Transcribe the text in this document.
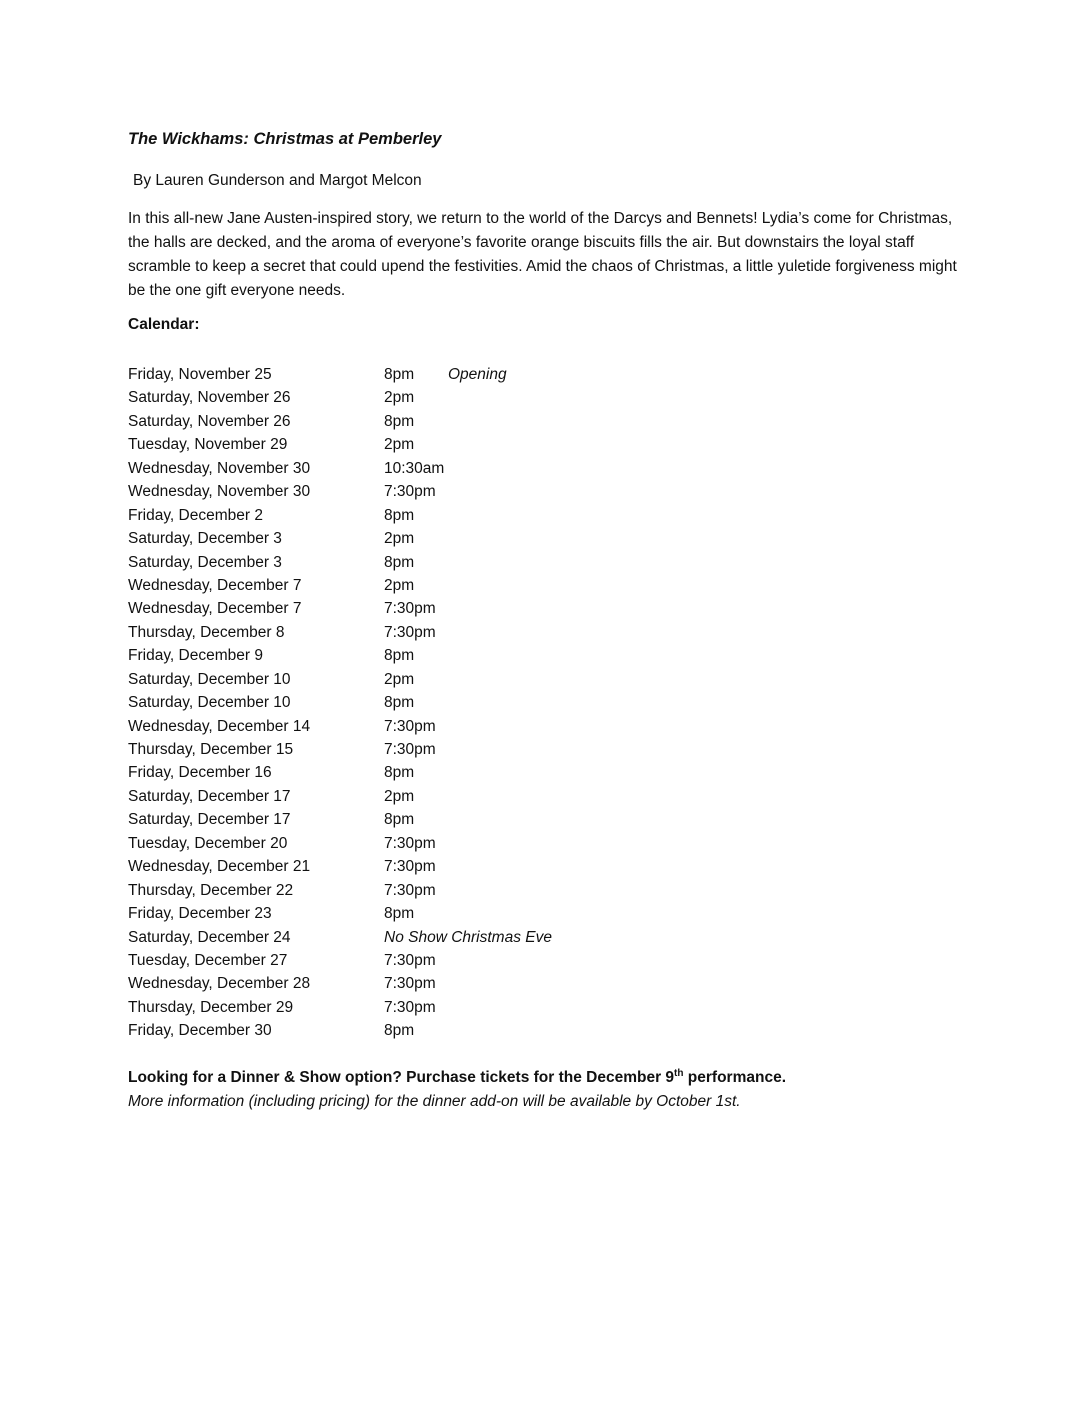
The Wickhams: Christmas at Pemberley
By Lauren Gunderson and Margot Melcon

In this all-new Jane Austen-inspired story, we return to the world of the Darcys and Bennets! Lydia’s come for Christmas, the halls are decked, and the aroma of everyone’s favorite orange biscuits fills the air. But downstairs the loyal staff scramble to keep a secret that could upend the festivities. Amid the chaos of Christmas, a little yuletide forgiveness might be the one gift everyone needs.

Calendar:
Friday, November 25	8pm Opening
Saturday, November 26	2pm
Saturday, November 26	8pm
Tuesday, November 29	2pm
Wednesday, November 30	10:30am
Wednesday, November 30	7:30pm
Friday, December 2	8pm
Saturday, December 3	2pm
Saturday, December 3	8pm
Wednesday, December 7	2pm
Wednesday, December 7	7:30pm
Thursday, December 8	7:30pm
Friday, December 9	8pm
Saturday, December 10	2pm
Saturday, December 10	8pm
Wednesday, December 14	7:30pm
Thursday, December 15	7:30pm
Friday, December 16	8pm
Saturday, December 17	2pm
Saturday, December 17	8pm
Tuesday, December 20	7:30pm
Wednesday, December 21	7:30pm
Thursday, December 22	7:30pm
Friday, December 23	8pm
Saturday, December 24	No Show Christmas Eve
Tuesday, December 27	7:30pm
Wednesday, December 28	7:30pm
Thursday, December 29	7:30pm
Friday, December 30	8pm
Looking for a Dinner & Show option? Purchase tickets for the December 9th performance.
More information (including pricing) for the dinner add-on will be available by October 1st.
